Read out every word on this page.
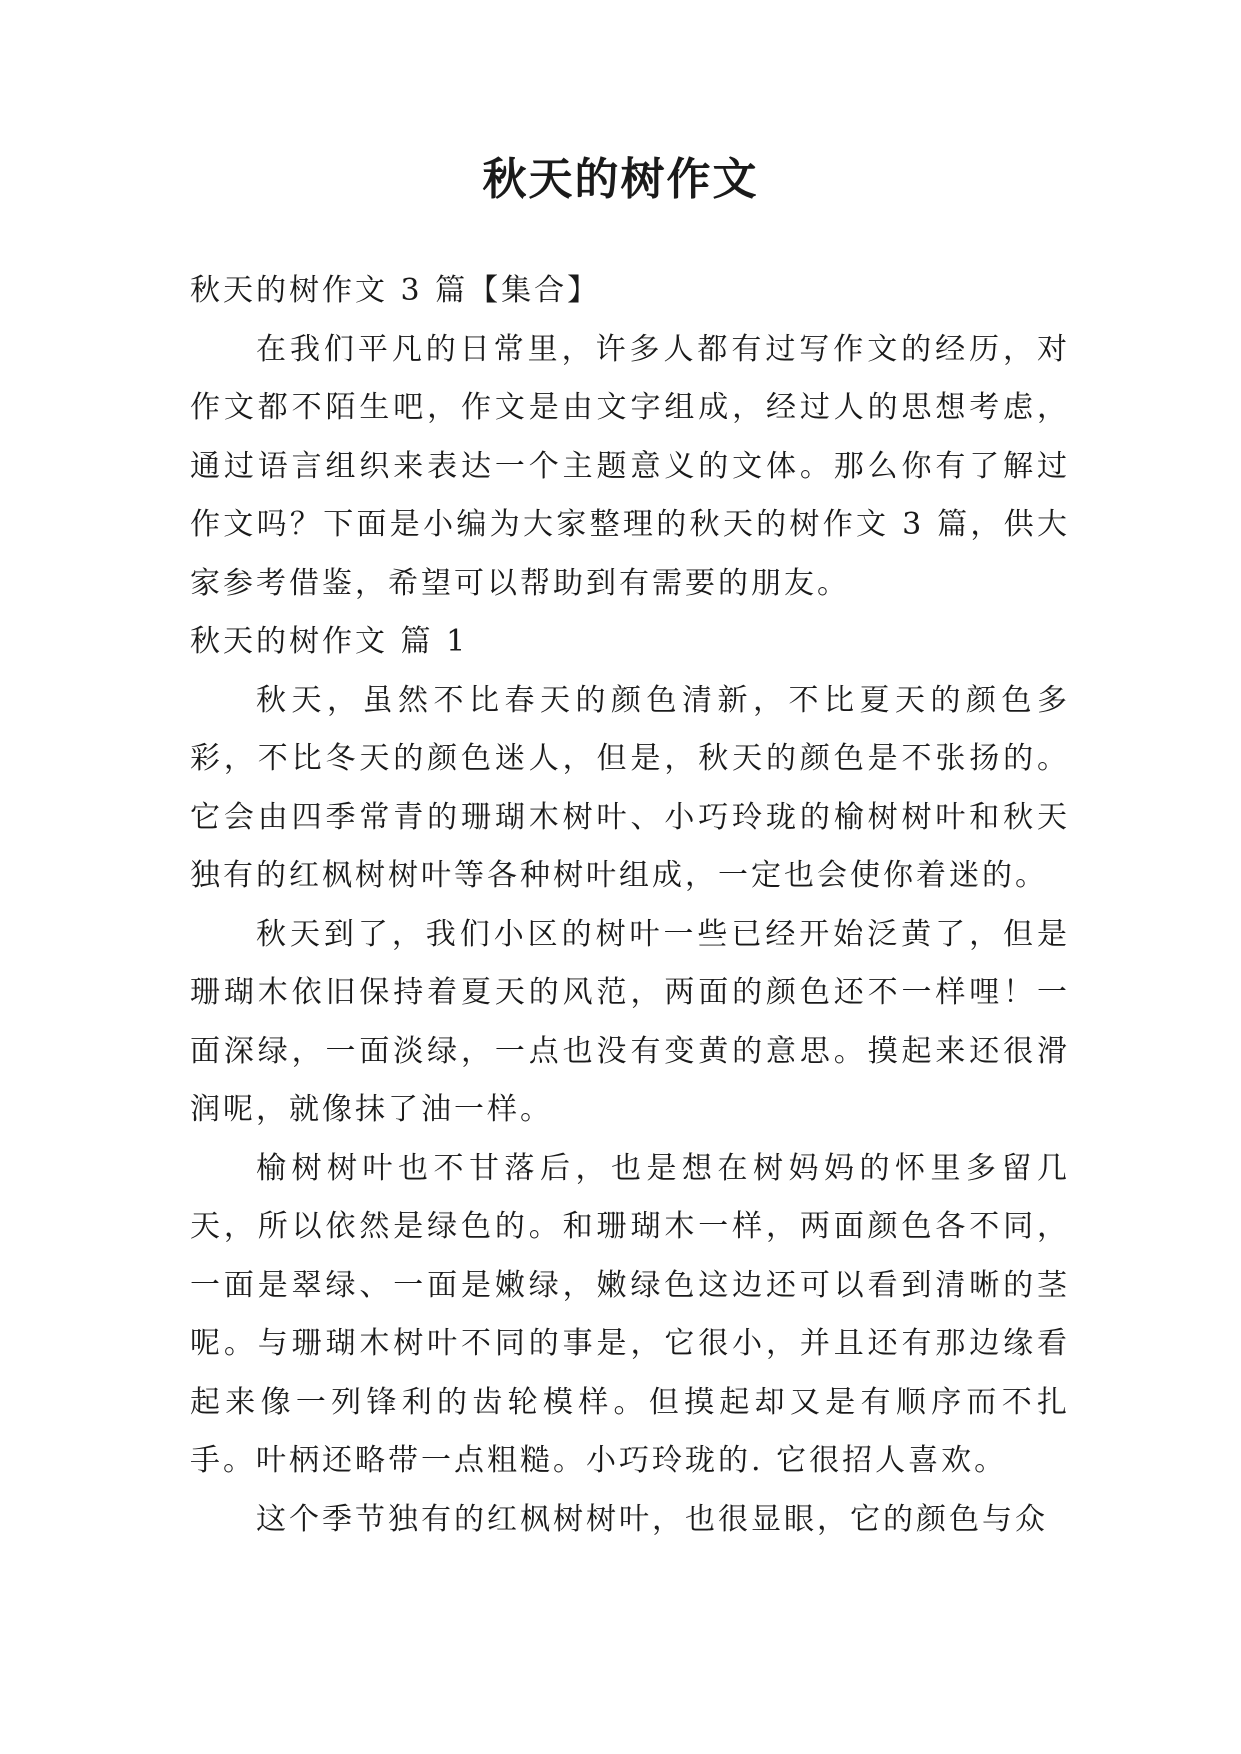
秋天的树作文

秋天的树作文 3 篇【集合】

在我们平凡的日常里，许多人都有过写作文的经历，对作文都不陌生吧，作文是由文字组成，经过人的思想考虑，通过语言组织来表达一个主题意义的文体。那么你有了解过作文吗？下面是小编为大家整理的秋天的树作文 3 篇，供大家参考借鉴，希望可以帮助到有需要的朋友。

秋天的树作文 篇 1

秋天，虽然不比春天的颜色清新，不比夏天的颜色多彩，不比冬天的颜色迷人，但是，秋天的颜色是不张扬的。它会由四季常青的珊瑚木树叶、小巧玲珑的榆树树叶和秋天独有的红枫树树叶等各种树叶组成，一定也会使你着迷的。

秋天到了，我们小区的树叶一些已经开始泛黄了，但是珊瑚木依旧保持着夏天的风范，两面的颜色还不一样哩！一面深绿，一面淡绿，一点也没有变黄的意思。摸起来还很滑润呢，就像抹了油一样。

榆树树叶也不甘落后，也是想在树妈妈的怀里多留几天，所以依然是绿色的。和珊瑚木一样，两面颜色各不同，一面是翠绿、一面是嫩绿，嫩绿色这边还可以看到清晰的茎呢。与珊瑚木树叶不同的事是，它很小，并且还有那边缘看起来像一列锋利的齿轮模样。但摸起却又是有顺序而不扎手。叶柄还略带一点粗糙。小巧玲珑的. 它很招人喜欢。

这个季节独有的红枫树树叶，也很显眼，它的颜色与众
